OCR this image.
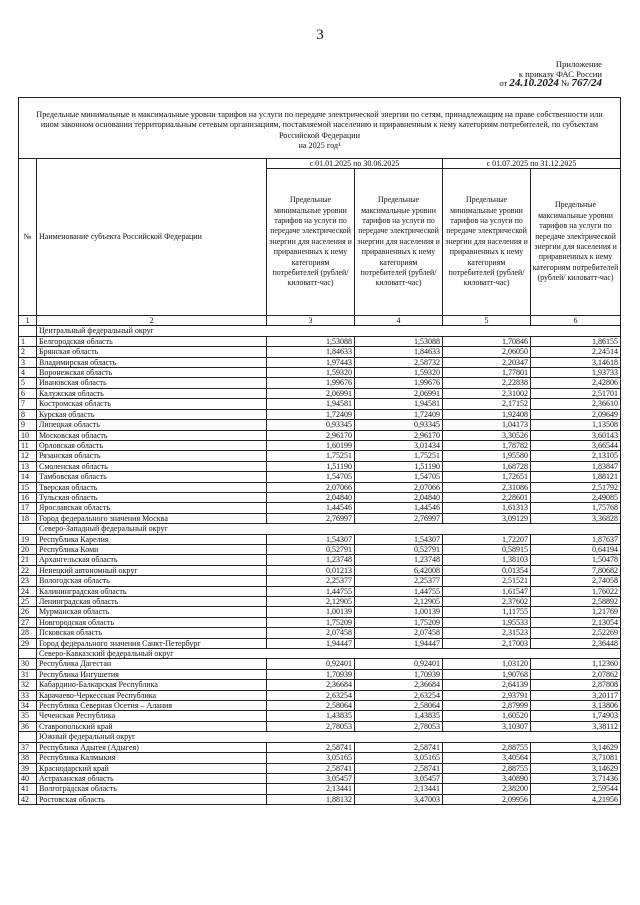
3
Приложение
к приказу ФАС России
от 24.10.2024 № 767/24
Предельные минимальные и максимальные уровни тарифов на услуги по передаче электрической энергии по сетям, принадлежащим на праве собственности или ином законном основании территориальным сетевым организациям, поставляемой населению и приравненным к нему категориям потребителей, по субъектам Российской Федерации
на 2025 год¹					

№	Наименование субъекта Российской Федерации	с 01.01.2025 по 30.06.2025		с 01.07.2025 по 31.12.2025	
		Предельные минимальные уровни тарифов на услуги по передаче электрической энергии для населения и приравненных к нему категориям потребителей (рублей/ киловатт-час)	Предельные максимальные уровни тарифов на услуги по передаче электрической энергии для населения и приравненных к нему категориям потребителей (рублей/ киловатт-час)	Предельные минимальные уровни тарифов на услуги по передаче электрической энергии для населения и приравненных к нему категориям потребителей (рублей/ киловатт-час)	Предельные максимальные уровни тарифов на услуги по передаче электрической энергии для населения и приравненных к нему категориям потребителей (рублей/ киловатт-час)
1	2	3	4	5	6
	Центральный федеральный округ				
1	Белгородская область	1,53088	1,53088	1,70846	1,86155
2	Брянская область	1,84633	1,84633	2,06050	2,24514
3	Владимирская область	1,97443	2,58732	2,20347	3,14618
4	Воронежская область	1,59320	1,59320	1,77801	1,93733
5	Ивановская область	1,99676	1,99676	2,22838	2,42806
6	Калужская область	2,06991	2,06991	2,31002	2,51701
7	Костромская область	1,94581	1,94581	2,17152	2,36610
8	Курская область	1,72409	1,72409	1,92408	2,09649
9	Липецкая область	0,93345	0,93345	1,04173	1,13508
10	Московская область	2,96170	2,96170	3,30526	3,60143
11	Орловская область	1,60199	3,01434	1,78782	3,66544
12	Рязанская область	1,75251	1,75251	1,95580	2,13105
13	Смоленская область	1,51190	1,51190	1,68728	1,83847
14	Тамбовская область	1,54705	1,54705	1,72651	1,88121
15	Тверская область	2,07066	2,07066	2,31086	2,51792
16	Тульская область	2,04840	2,04840	2,28601	2,49085
17	Ярославская область	1,44546	1,44546	1,61313	1,75768
18	Город федерального значения Москва	2,76997	2,76997	3,09129	3,36828
	Северо-Западный федеральный округ				
19	Республика Карелия	1,54307	1,54307	1,72207	1,87637
20	Республика Коми	0,52791	0,52791	0,58915	0,64194
21	Архангельская область	1,23748	1,23748	1,38103	1,50478
22	Ненецкий автономный округ	0,01213	6,42008	0,01354	7,80682
23	Вологодская область	2,25377	2,25377	2,51521	2,74058
24	Калининградская область	1,44755	1,44755	1,61547	1,76022
25	Ленинградская область	2,12905	2,12905	2,37602	2,58892
26	Мурманская область	1,00139	1,00139	1,11755	1,21769
27	Новгородская область	1,75209	1,75209	1,95533	2,13054
28	Псковская область	2,07458	2,07458	2,31523	2,52269
29	Город федерального значения Санкт-Петербург	1,94447	1,94447	2,17003	2,36448
	Северо-Кавказский федеральный округ				
30	Республика Дагестан	0,92401	0,92401	1,03120	1,12360
31	Республика Ингушетия	1,70939	1,70939	1,90768	2,07862
32	Кабардино-Балкарская Республика	2,36684	2,36684	2,64139	2,87808
33	Карачаево-Черкесская Республика	2,63254	2,63254	2,93791	3,20117
34	Республика Северная Осетия – Алания	2,58064	2,58064	2,87999	3,13806
35	Чеченская Республика	1,43835	1,43835	1,60520	1,74903
36	Ставропольский край	2,78053	2,78053	3,10307	3,38112
	Южный федеральный округ				
37	Республика Адыгея (Адыгея)	2,58741	2,58741	2,88755	3,14629
38	Республика Калмыкия	3,05165	3,05165	3,40564	3,71081
39	Краснодарский край	2,58741	2,58741	2,88755	3,14629
40	Астраханская область	3,05457	3,05457	3,40890	3,71436
41	Волгоградская область	2,13441	2,13441	2,38200	2,59544
42	Ростовская область	1,88132	3,47003	2,09956	4,21956
